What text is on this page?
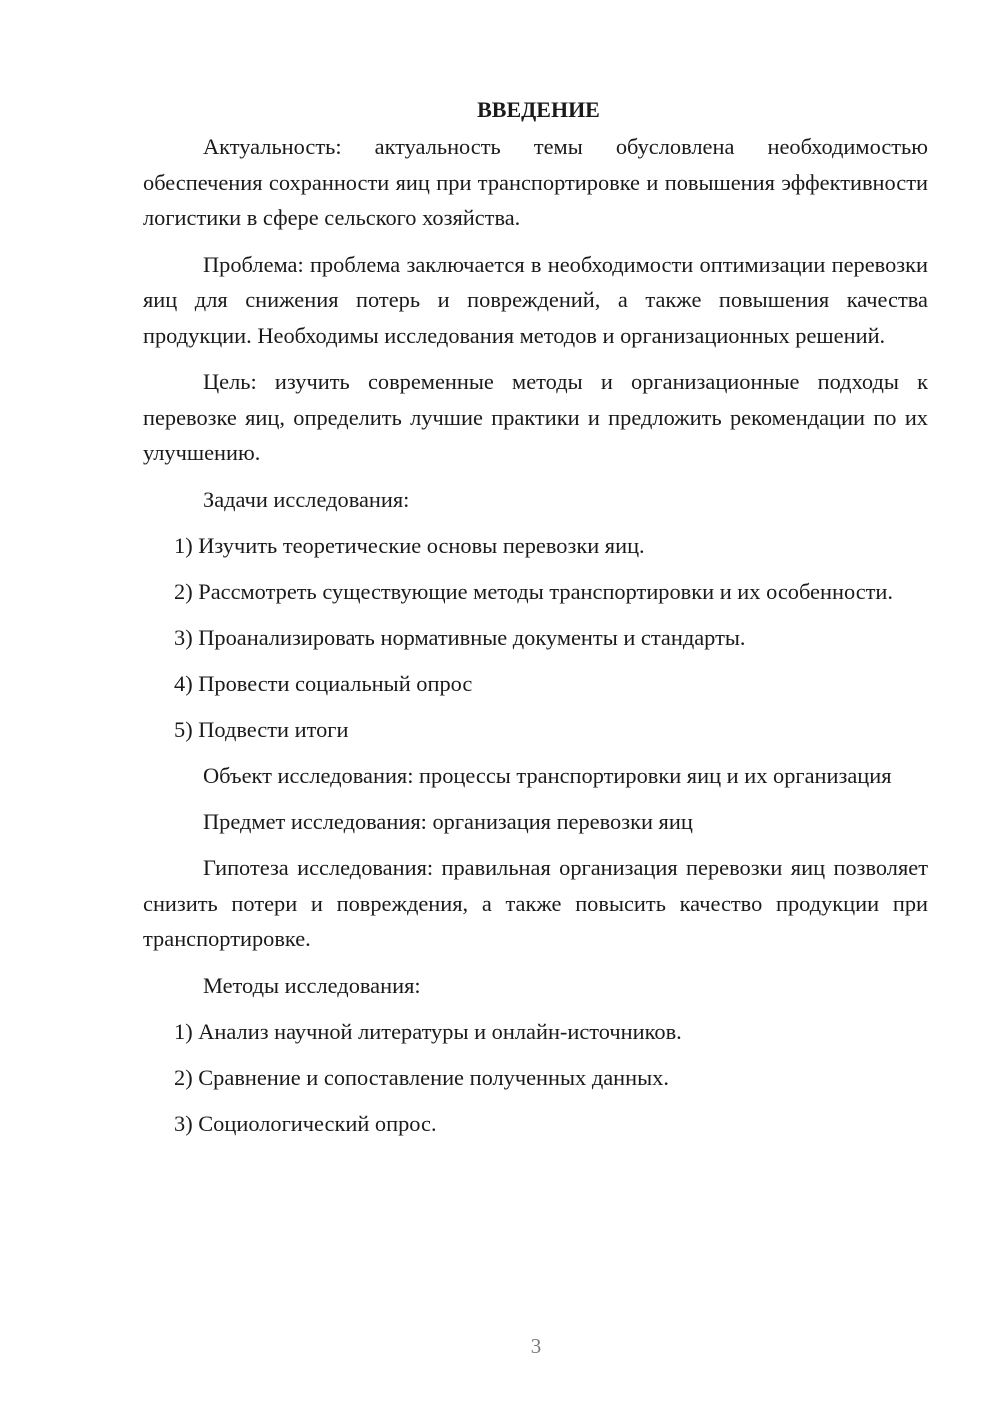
ВВЕДЕНИЕ

Актуальность: актуальность темы обусловлена необходимостью обеспечения сохранности яиц при транспортировке и повышения эффективности логистики в сфере сельского хозяйства.

Проблема: проблема заключается в необходимости оптимизации перевозки яиц для снижения потерь и повреждений, а также повышения качества продукции. Необходимы исследования методов и организационных решений.

Цель: изучить современные методы и организационные подходы к перевозке яиц, определить лучшие практики и предложить рекомендации по их улучшению.

Задачи исследования:

1) Изучить теоретические основы перевозки яиц.

2) Рассмотреть существующие методы транспортировки и их особенности.

3) Проанализировать нормативные документы и стандарты.

4) Провести социальный опрос

5) Подвести итоги

Объект исследования: процессы транспортировки яиц и их организация

Предмет исследования: организация перевозки яиц

Гипотеза исследования: правильная организация перевозки яиц позволяет снизить потери и повреждения, а также повысить качество продукции при транспортировке.

Методы исследования:

1) Анализ научной литературы и онлайн-источников.

2) Сравнение и сопоставление полученных данных.

3) Социологический опрос.

3
